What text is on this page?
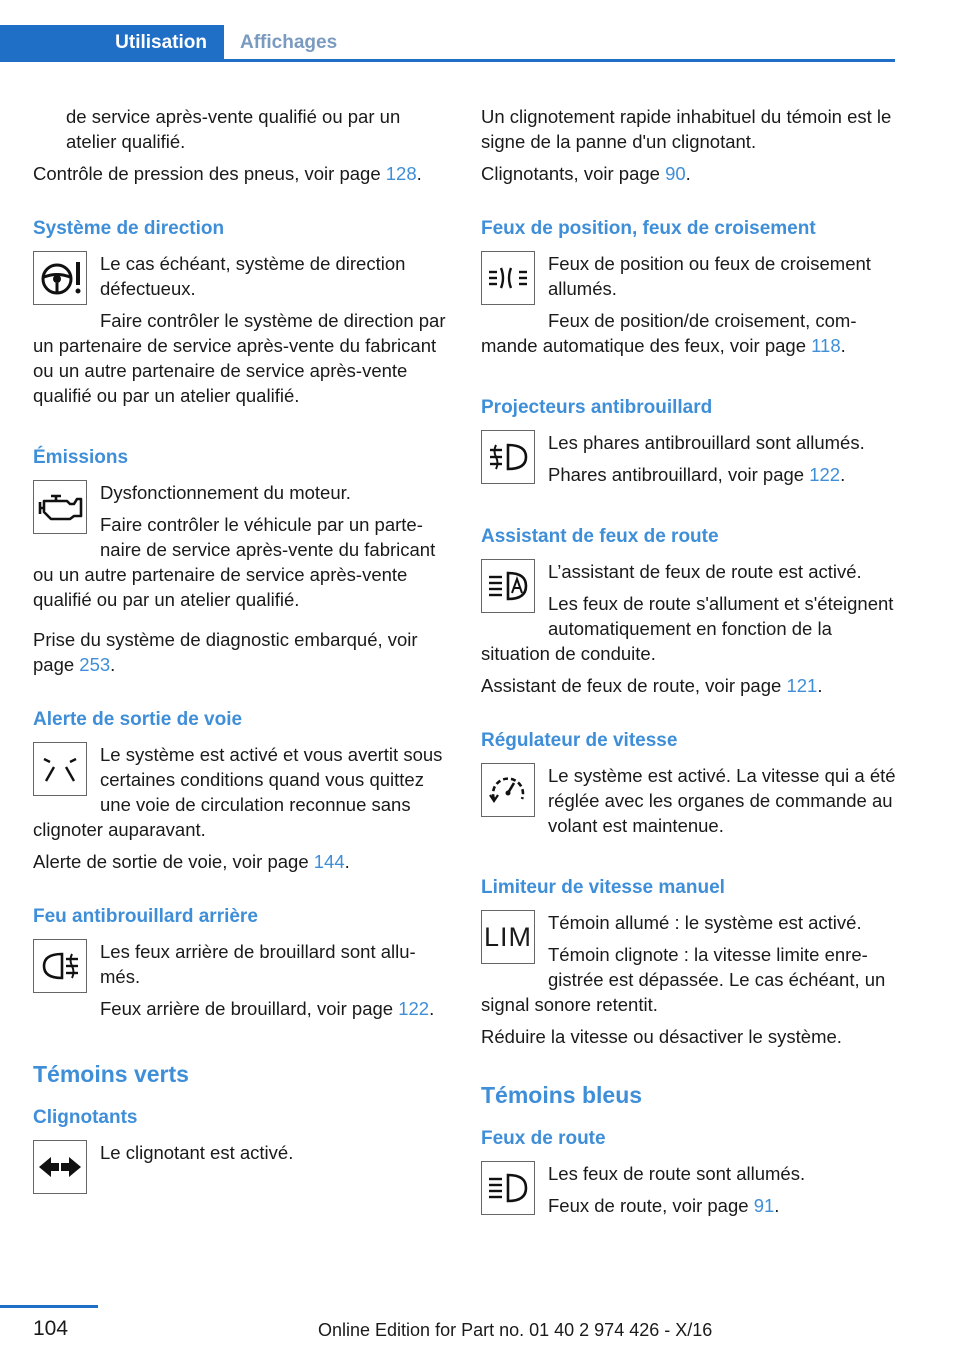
Utilisation Affichages

de service après-vente qualifié ou par un atelier qualifié.

Contrôle de pression des pneus, voir page 128.

Système de direction

Le cas échéant, système de direction défectueux.

Faire contrôler le système de direction par un partenaire de service après-vente du fabricant ou un autre partenaire de service après-vente qualifié ou par un atelier qualifié.

Émissions

Dysfonctionnement du moteur.

Faire contrôler le véhicule par un partenaire de service après-vente du fabricant ou un autre partenaire de service après-vente qualifié ou par un atelier qualifié.

Prise du système de diagnostic embarqué, voir page 253.

Alerte de sortie de voie

Le système est activé et vous avertit sous certaines conditions quand vous quittez une voie de circulation reconnue sans clignoter auparavant.

Alerte de sortie de voie, voir page 144.

Feu antibrouillard arrière

Les feux arrière de brouillard sont allumés.

Feux arrière de brouillard, voir page 122.

Témoins verts
Clignotants

Le clignotant est activé.

Un clignotement rapide inhabituel du témoin est le signe de la panne d'un clignotant.

Clignotants, voir page 90.

Feux de position, feux de croisement

Feux de position ou feux de croisement allumés.

Feux de position/de croisement, commande automatique des feux, voir page 118.

Projecteurs antibrouillard

Les phares antibrouillard sont allumés.

Phares antibrouillard, voir page 122.

Assistant de feux de route

L’assistant de feux de route est activé.

Les feux de route s'allument et s'éteignent automatiquement en fonction de la situation de conduite.

Assistant de feux de route, voir page 121.

Régulateur de vitesse

Le système est activé. La vitesse qui a été réglée avec les organes de commande au volant est maintenue.

Limiteur de vitesse manuel
LIM Témoin allumé : le système est activé.

Témoin clignote : la vitesse limite enregistrée est dépassée. Le cas échéant, un signal sonore retentit.

Réduire la vitesse ou désactiver le système.

Témoins bleus
Feux de route

Les feux de route sont allumés.

Feux de route, voir page 91.

104	Online Edition for Part no. 01 40 2 974 426 - X/16
